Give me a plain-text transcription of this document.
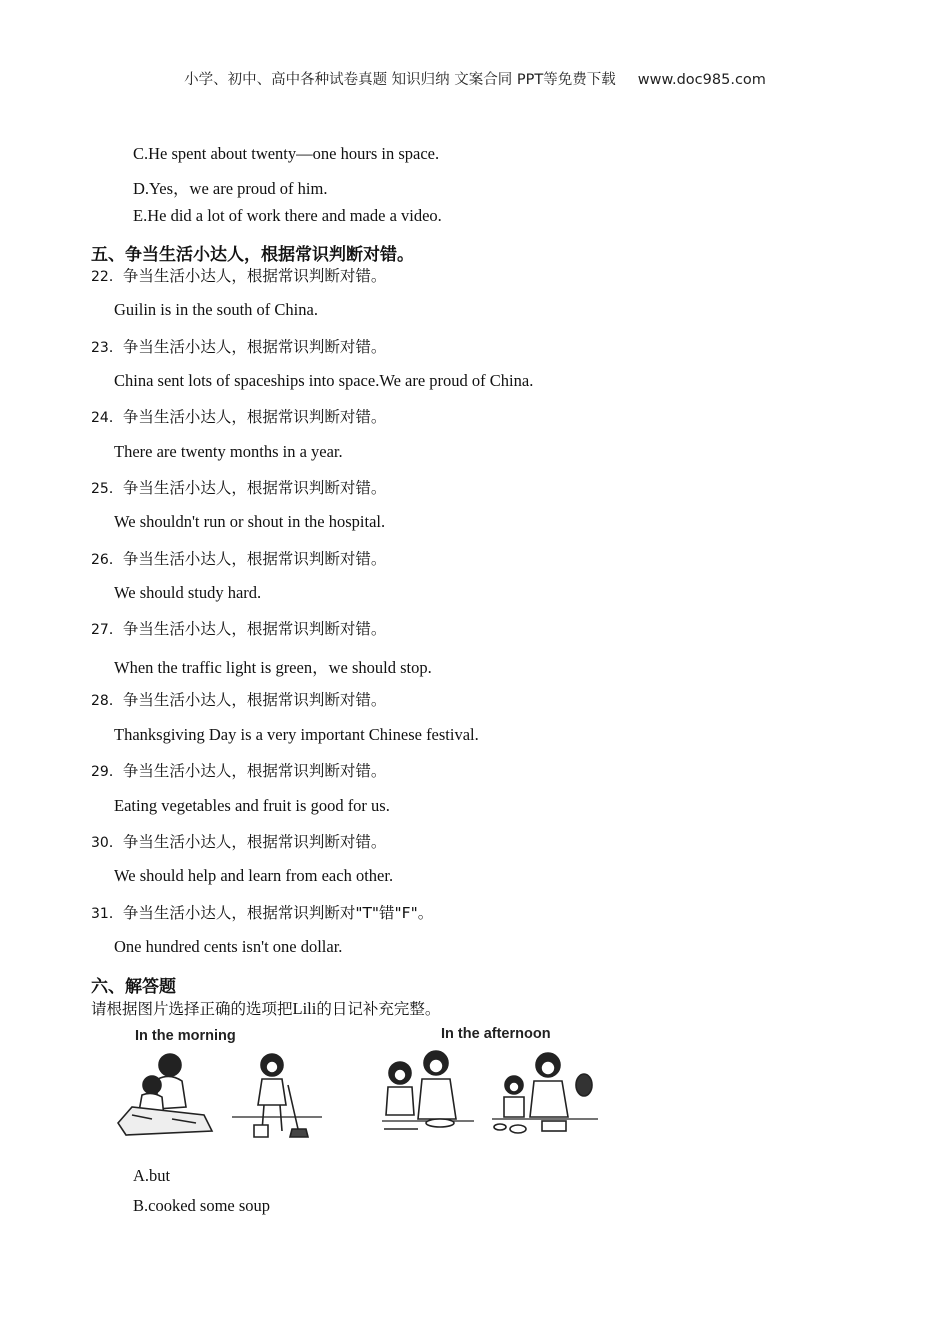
小学、初中、高中各种试卷真题 知识归纳 文案合同 PPT等免费下载 www.doc985.com
C.He spent about twenty—one hours in space.
D.Yes，we are proud of him.
E.He did a lot of work there and made a video.
五、争当生活小达人，根据常识判断对错。
22．争当生活小达人，根据常识判断对错。
Guilin is in the south of China.
23．争当生活小达人，根据常识判断对错。
China sent lots of spaceships into space.We are proud of China.
24．争当生活小达人，根据常识判断对错。
There are twenty months in a year.
25．争当生活小达人，根据常识判断对错。
We shouldn't run or shout in the hospital.
26．争当生活小达人，根据常识判断对错。
We should study hard.
27．争当生活小达人，根据常识判断对错。
When the traffic light is green，we should stop.
28．争当生活小达人，根据常识判断对错。
Thanksgiving Day is a very important Chinese festival.
29．争当生活小达人，根据常识判断对错。
Eating vegetables and fruit is good for us.
30．争当生活小达人，根据常识判断对错。
We should help and learn from each other.
31．争当生活小达人，根据常识判断对"T"错"F"。
One hundred cents isn't one dollar.
六、解答题
请根据图片选择正确的选项把Lili的日记补充完整。
In the morning	In the afternoon
A.but
B.cooked some soup
